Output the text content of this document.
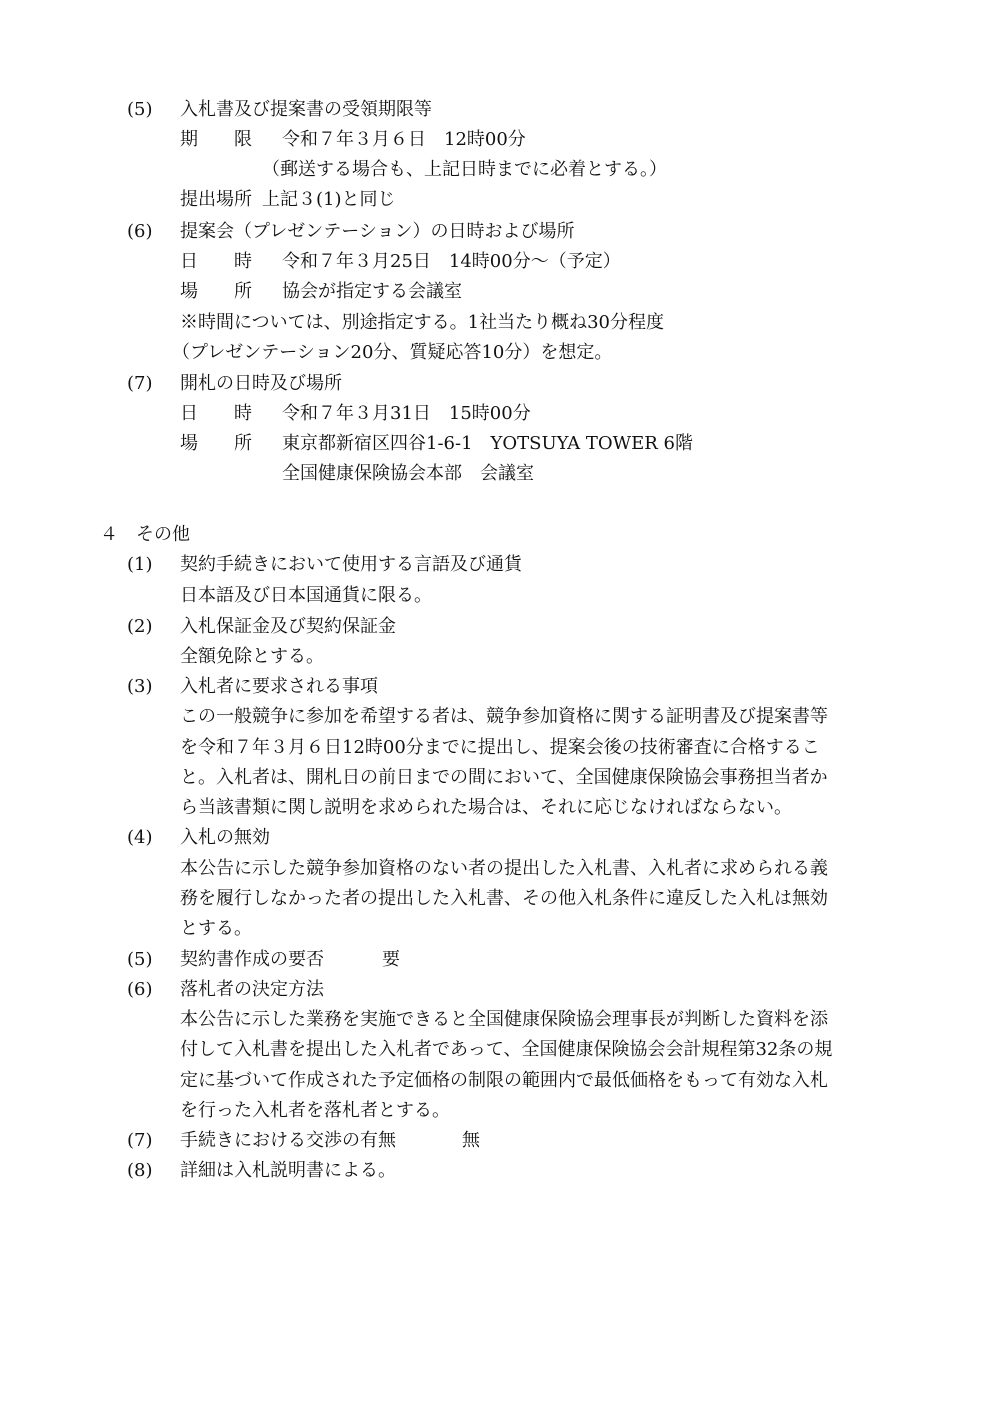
(5) 入札書及び提案書の受領期限等
期　　限 令和７年３月６日　12時00分
（郵送する場合も、上記日時までに必着とする。）
提出場所 上記３(1)と同じ
(6) 提案会（プレゼンテーション）の日時および場所
日　　時 令和７年３月25日　14時00分～（予定）
場　　所 協会が指定する会議室
※時間については、別途指定する。1社当たり概ね30分程度
（プレゼンテーション20分、質疑応答10分）を想定。
(7) 開札の日時及び場所
日　　時 令和７年３月31日　15時00分
場　　所 東京都新宿区四谷1-6-1　YOTSUYA TOWER 6階
全国健康保険協会本部　会議室
４　その他
(1) 契約手続きにおいて使用する言語及び通貨
日本語及び日本国通貨に限る。
(2) 入札保証金及び契約保証金
全額免除とする。
(3) 入札者に要求される事項
この一般競争に参加を希望する者は、競争参加資格に関する証明書及び提案書等
を令和７年３月６日12時00分までに提出し、提案会後の技術審査に合格するこ
と。入札者は、開札日の前日までの間において、全国健康保険協会事務担当者か
ら当該書類に関し説明を求められた場合は、それに応じなければならない。
(4) 入札の無効
本公告に示した競争参加資格のない者の提出した入札書、入札者に求められる義
務を履行しなかった者の提出した入札書、その他入札条件に違反した入札は無効
とする。
(5) 契約書作成の要否	要
(6) 落札者の決定方法
本公告に示した業務を実施できると全国健康保険協会理事長が判断した資料を添
付して入札書を提出した入札者であって、全国健康保険協会会計規程第32条の規
定に基づいて作成された予定価格の制限の範囲内で最低価格をもって有効な入札
を行った入札者を落札者とする。
(7) 手続きにおける交渉の有無	無
(8) 詳細は入札説明書による。
